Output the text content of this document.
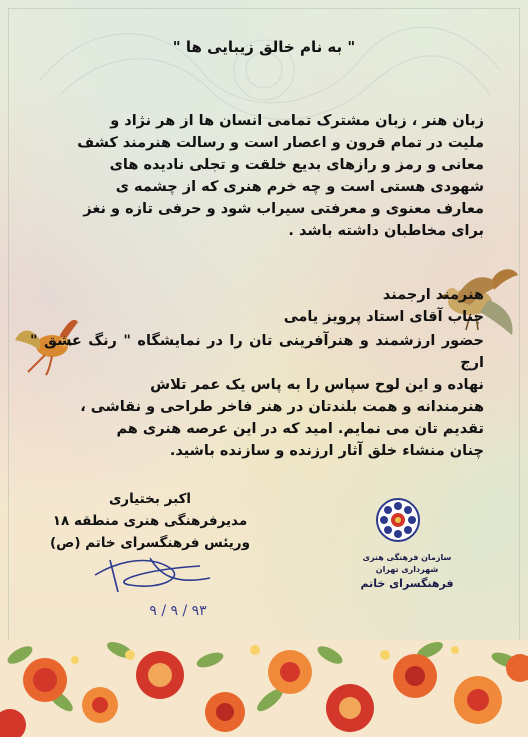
" به نام خالق زیبایی ها "
زبان هنر ، زبان مشترک تمامی انسان ها از هر نژاد و
ملیت در تمام قرون و اعصار است و رسالت هنرمند کشف
معانی و رمز و رازهای بدیع خلقت و تجلی نادیده های
شهودی هستی است و چه خرم هنری که از چشمه ی
معارف معنوی و معرفتی سیراب شود و حرفی تازه و نغز
برای مخاطبان داشته باشد .
هنرمند ارجمند
جناب آقای استاد پرویز یامی
حضور ارزشمند و هنرآفرینی تان را در نمایشگاه " رنگ عشق " ارج
نهاده و این لوح سپاس را به پاس یک عمر تلاش
هنرمندانه و همت بلندتان در هنر فاخر طراحی و نقاشی ،
تقدیم تان می نمایم. امید که در این عرصه هنری هم
چنان منشاء خلق آثار ارزنده و سازنده باشید.
اکبر بختیاری
مدیرفرهنگی هنری منطقه ۱۸
وریئس فرهنگسرای خاتم (ص)
۹ / ۹ / ۹۳
سازمان فرهنگی هنری شهرداری تهران
فرهنگسرای خاتم
